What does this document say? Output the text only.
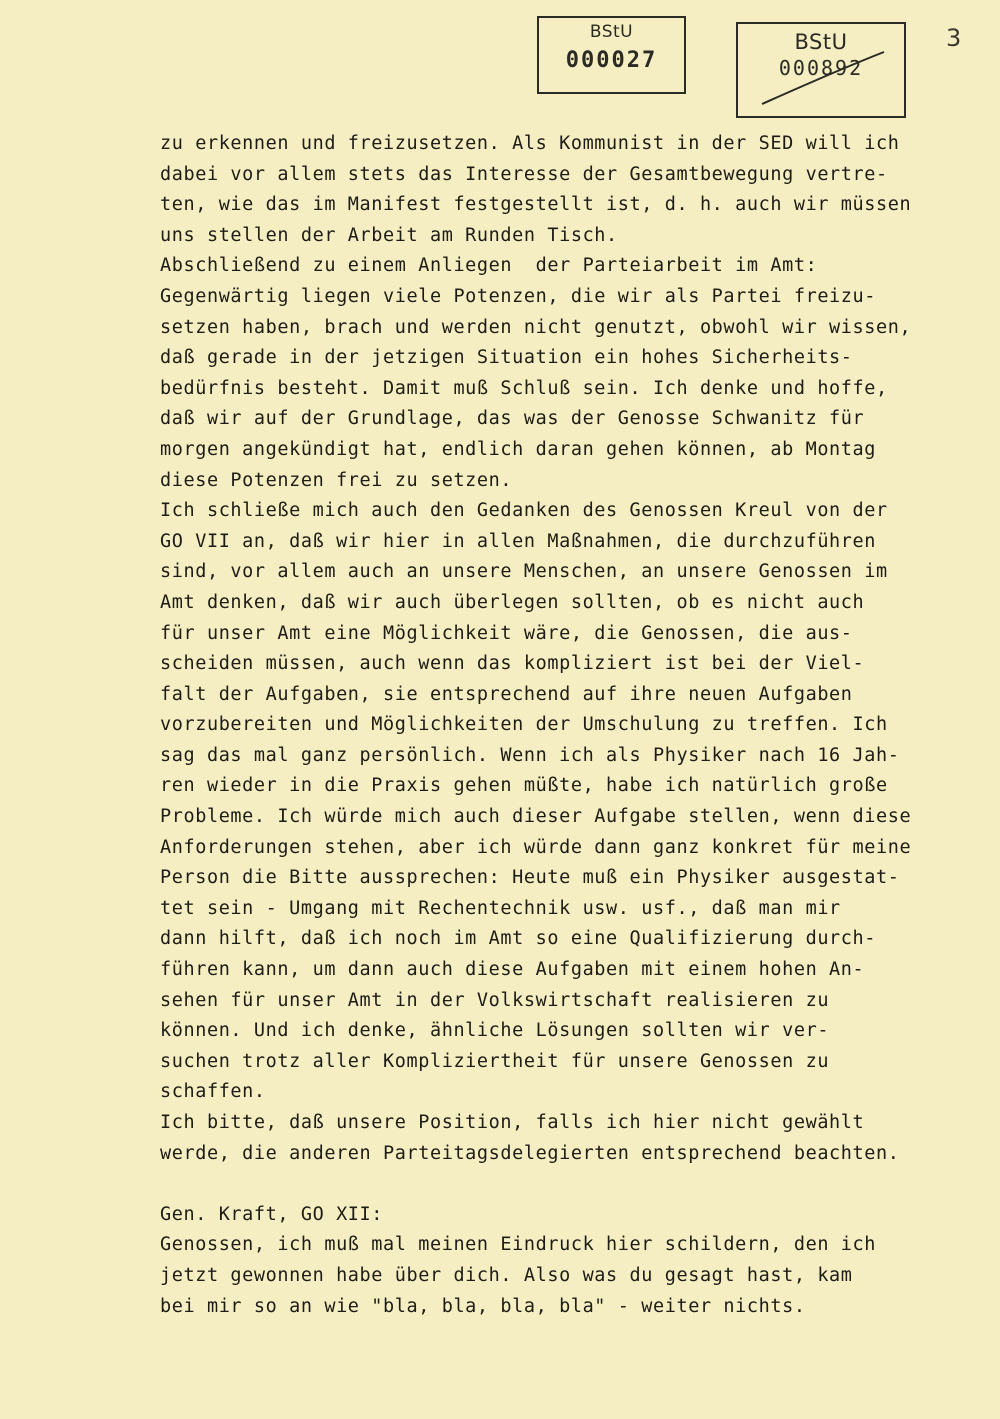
BStU
000027
BStU
000892
3
zu erkennen und freizusetzen. Als Kommunist in der SED will ich
dabei vor allem stets das Interesse der Gesamtbewegung vertre-
ten, wie das im Manifest festgestellt ist, d. h. auch wir müssen
uns stellen der Arbeit am Runden Tisch.
Abschließend zu einem Anliegen  der Parteiarbeit im Amt:
Gegenwärtig liegen viele Potenzen, die wir als Partei freizu-
setzen haben, brach und werden nicht genutzt, obwohl wir wissen,
daß gerade in der jetzigen Situation ein hohes Sicherheits-
bedürfnis besteht. Damit muß Schluß sein. Ich denke und hoffe,
daß wir auf der Grundlage, das was der Genosse Schwanitz für
morgen angekündigt hat, endlich daran gehen können, ab Montag
diese Potenzen frei zu setzen.
Ich schließe mich auch den Gedanken des Genossen Kreul von der
GO VII an, daß wir hier in allen Maßnahmen, die durchzuführen
sind, vor allem auch an unsere Menschen, an unsere Genossen im
Amt denken, daß wir auch überlegen sollten, ob es nicht auch
für unser Amt eine Möglichkeit wäre, die Genossen, die aus-
scheiden müssen, auch wenn das kompliziert ist bei der Viel-
falt der Aufgaben, sie entsprechend auf ihre neuen Aufgaben
vorzubereiten und Möglichkeiten der Umschulung zu treffen. Ich
sag das mal ganz persönlich. Wenn ich als Physiker nach 16 Jah-
ren wieder in die Praxis gehen müßte, habe ich natürlich große
Probleme. Ich würde mich auch dieser Aufgabe stellen, wenn diese
Anforderungen stehen, aber ich würde dann ganz konkret für meine
Person die Bitte aussprechen: Heute muß ein Physiker ausgestat-
tet sein - Umgang mit Rechentechnik usw. usf., daß man mir
dann hilft, daß ich noch im Amt so eine Qualifizierung durch-
führen kann, um dann auch diese Aufgaben mit einem hohen An-
sehen für unser Amt in der Volkswirtschaft realisieren zu
können. Und ich denke, ähnliche Lösungen sollten wir ver-
suchen trotz aller Kompliziertheit für unsere Genossen zu
schaffen.
Ich bitte, daß unsere Position, falls ich hier nicht gewählt
werde, die anderen Parteitagsdelegierten entsprechend beachten.
Gen. Kraft, GO XII:
Genossen, ich muß mal meinen Eindruck hier schildern, den ich
jetzt gewonnen habe über dich. Also was du gesagt hast, kam
bei mir so an wie "bla, bla, bla, bla" - weiter nichts.
